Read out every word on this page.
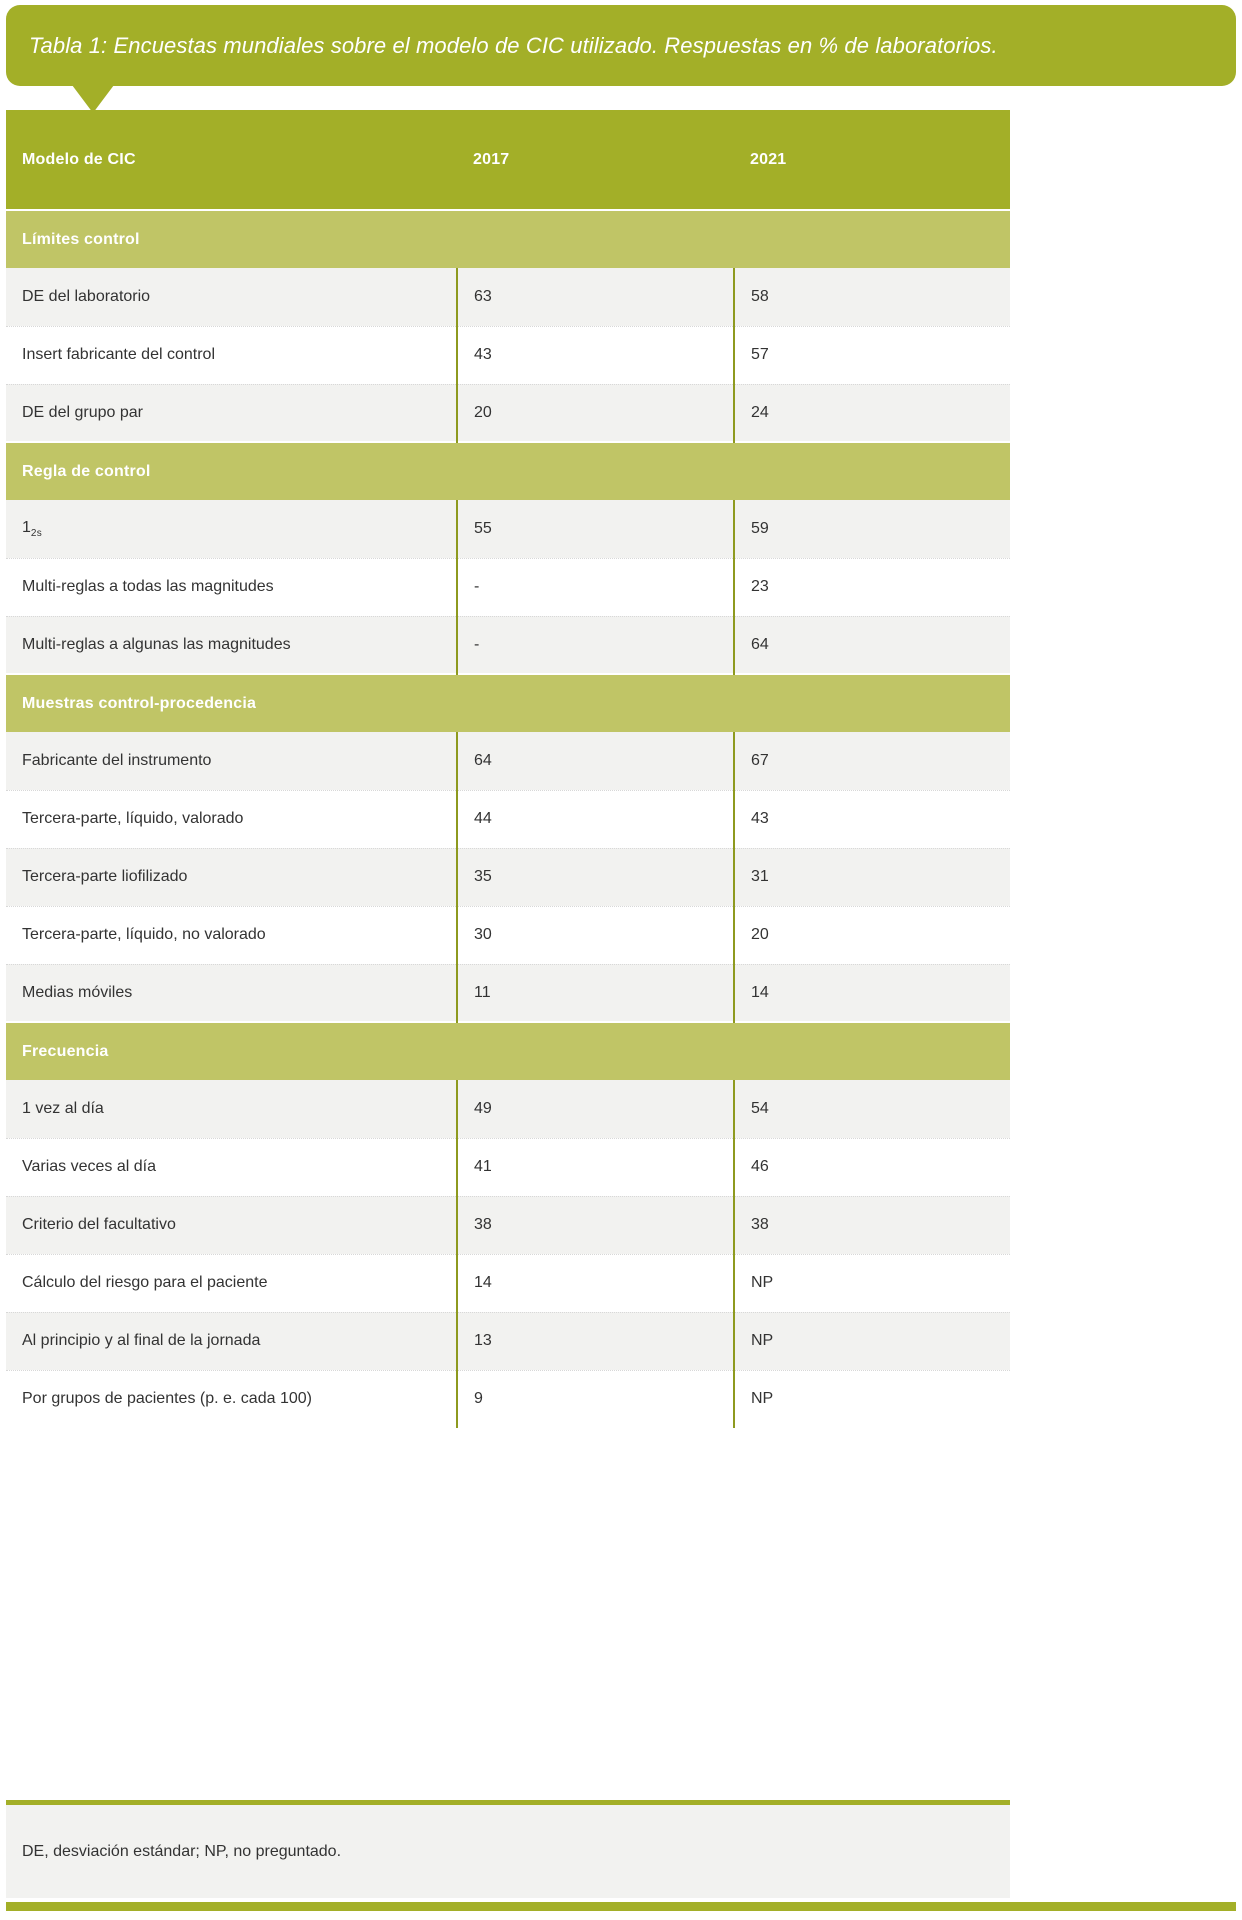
Tabla 1: Encuestas mundiales sobre el modelo de CIC utilizado. Respuestas en % de laboratorios.
Modelo de CIC	2017	2021
Límites control		
DE del laboratorio	63	58
Insert fabricante del control	43	57
DE del grupo par	20	24
Regla de control		
$1_{2s}$	55	59
Multi-reglas a todas las magnitudes	-	23
Multi-reglas a algunas las magnitudes	-	64
Muestras control-procedencia		
Fabricante del instrumento	64	67
Tercera-parte, líquido, valorado	44	43
Tercera-parte liofilizado	35	31
Tercera-parte, líquido, no valorado	30	20
Medias móviles	11	14
Frecuencia		
1 vez al día	49	54
Varias veces al día	41	46
Criterio del facultativo	38	38
Cálculo del riesgo para el paciente	14	NP
Al principio y al final de la jornada	13	NP
Por grupos de pacientes (p. e. cada 100)	9	NP
DE, desviación estándar; NP, no preguntado.
